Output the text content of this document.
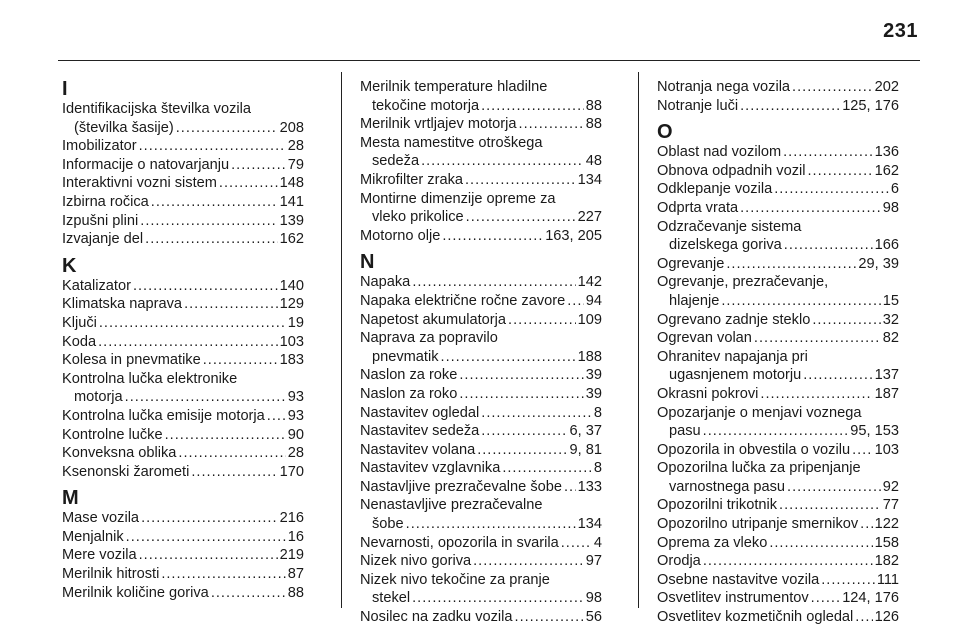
231
I
Identifikacijska številka vozila
(številka šasije) .....	208
Imobilizator .....	28
Informacije o natovarjanju .....	79
Interaktivni vozni sistem .....	148
Izbirna ročica .....	141
Izpušni plini .....	139
Izvajanje del .....	162
K
Katalizator .....	140
Klimatska naprava .....	129
Ključi .....	19
Koda .....	103
Kolesa in pnevmatike .....	183
Kontrolna lučka elektronike
motorja .....	93
Kontrolna lučka emisije motorja ..... 93
Kontrolne lučke .....	90
Konveksna oblika .....	28
Ksenonski žarometi .....	170
M
Mase vozila .....	216
Menjalnik .....	16
Mere vozila .....	219
Merilnik hitrosti .....	87
Merilnik količine goriva .....	88
Merilnik temperature hladilne
tekočine motorja .....	88
Merilnik vrtljajev motorja .....	88
Mesta namestitve otroškega
sedeža .....	48
Mikrofilter zraka .....	134
Montirne dimenzije opreme za
vleko prikolice .....	227
Motorno olje .....	163, 205
N
Napaka .....	142
Napaka električne ročne zavore ..... 94
Napetost akumulatorja .....	109
Naprava za popravilo
pnevmatik .....	188
Naslon za roke .....	39
Naslon za roko .....	39
Nastavitev ogledal .....	8
Nastavitev sedeža .....	6, 37
Nastavitev volana .....	9, 81
Nastavitev vzglavnika .....	8
Nastavljive prezračevalne šobe ..... 133
Nenastavljive prezračevalne
šobe .....	134
Nevarnosti, opozorila in svarila ..... 4
Nizek nivo goriva .....	97
Nizek nivo tekočine za pranje
stekel .....	98
Nosilec na zadku vozila .....	56
Notranja nega vozila .....	202
Notranje luči .....	125, 176
O
Oblast nad vozilom .....	136
Obnova odpadnih vozil .....	162
Odklepanje vozila .....	6
Odprta vrata .....	98
Odzračevanje sistema
dizelskega goriva .....	166
Ogrevanje .....	29, 39
Ogrevanje, prezračevanje,
hlajenje .....	15
Ogrevano zadnje steklo .....	32
Ogrevan volan .....	82
Ohranitev napajanja pri
ugasnjenem motorju .....	137
Okrasni pokrovi .....	187
Opozarjanje o menjavi voznega
pasu .....	95, 153
Opozorila in obvestila o vozilu ..... 103
Opozorilna lučka za pripenjanje
varnostnega pasu .....	92
Opozorilni trikotnik .....	77
Opozorilno utripanje smernikov ..... 122
Oprema za vleko .....	158
Orodja .....	182
Osebne nastavitve vozila .....	111
Osvetlitev instrumentov ..... 124, 176
Osvetlitev kozmetičnih ogledal ..... 126
